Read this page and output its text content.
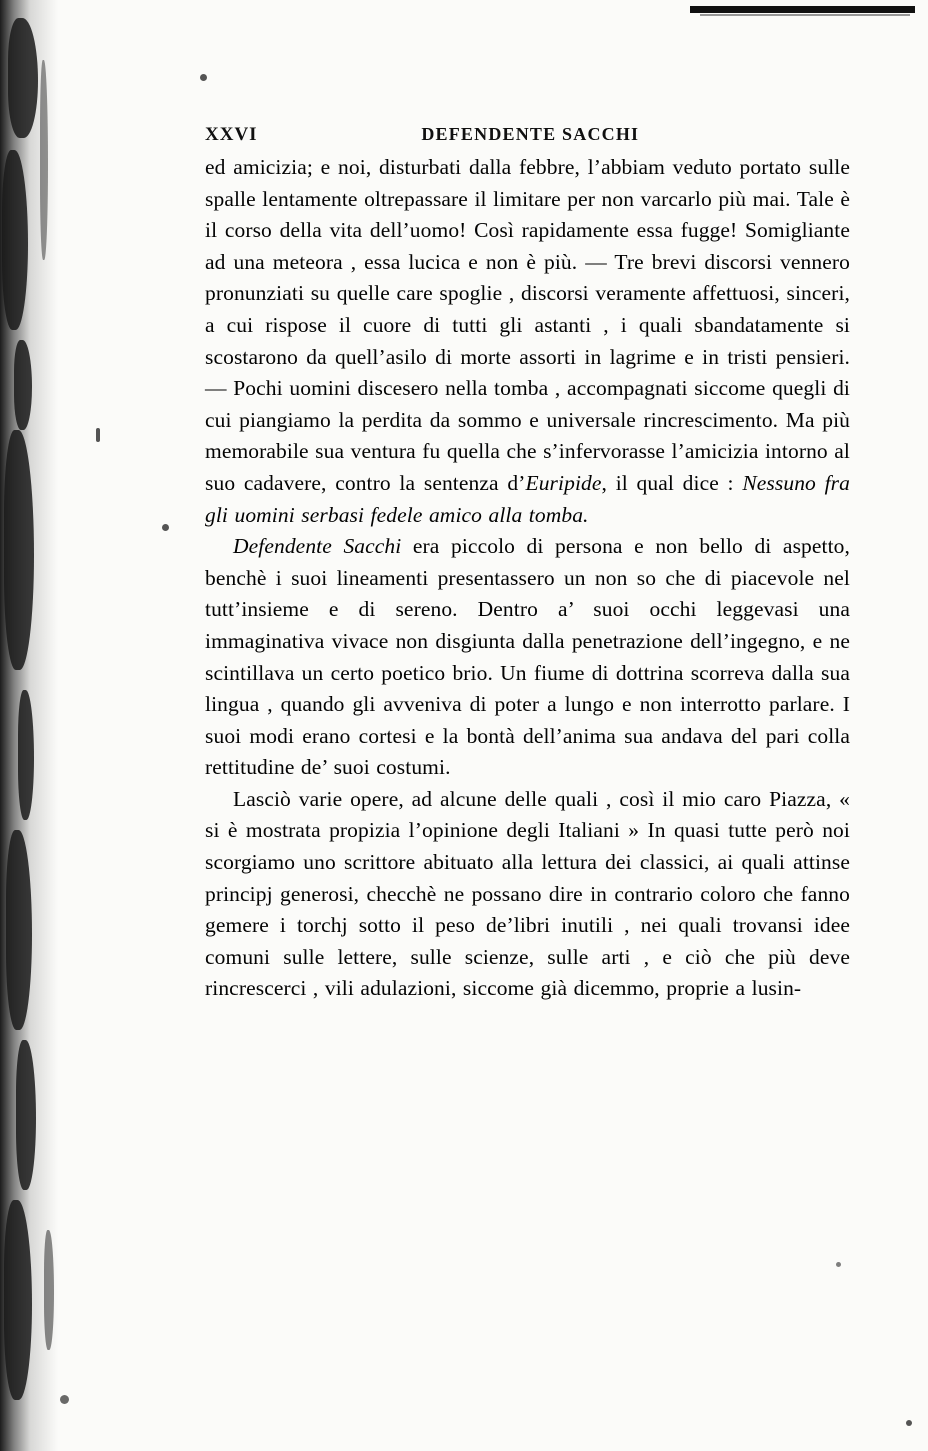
XXVI	DEFENDENTE SACCHI

ed amicizia; e noi, disturbati dalla febbre, l’abbiam veduto portato sulle spalle lentamente oltrepassare il limitare per non varcarlo più mai. Tale è il corso della vita dell’uomo! Così rapidamente essa fugge! Somigliante ad una meteora , essa lucica e non è più. — Tre brevi discorsi vennero pronunziati su quelle care spoglie , discorsi veramente affettuosi, sinceri, a cui rispose il cuore di tutti gli astanti , i quali sbandatamente si scostarono da quell’asilo di morte assorti in lagrime e in tristi pensieri. — Pochi uomini discesero nella tomba , accompagnati siccome quegli di cui piangiamo la perdita da sommo e universale rincrescimento. Ma più memorabile sua ventura fu quella che s’infervorasse l’amicizia intorno al suo cadavere, contro la sentenza d’Euripide, il qual dice : Nessuno fra gli uomini serbasi fedele amico alla tomba.

Defendente Sacchi era piccolo di persona e non bello di aspetto, benchè i suoi lineamenti presentassero un non so che di piacevole nel tutt’insieme e di sereno. Dentro a’ suoi occhi leggevasi una immaginativa vivace non disgiunta dalla penetrazione dell’ingegno, e ne scintillava un certo poetico brio. Un fiume di dottrina scorreva dalla sua lingua , quando gli avveniva di poter a lungo e non interrotto parlare. I suoi modi erano cortesi e la bontà dell’anima sua andava del pari colla rettitudine de’ suoi costumi.

Lasciò varie opere, ad alcune delle quali , così il mio caro Piazza, « si è mostrata propizia l’opinione degli Italiani » In quasi tutte però noi scorgiamo uno scrittore abituato alla lettura dei classici, ai quali attinse principj generosi, checchè ne possano dire in contrario coloro che fanno gemere i torchj sotto il peso de’libri inutili , nei quali trovansi idee comuni sulle lettere, sulle scienze, sulle arti , e ciò che più deve rincrescerci , vili adulazioni, siccome già dicemmo, proprie a lusin-
